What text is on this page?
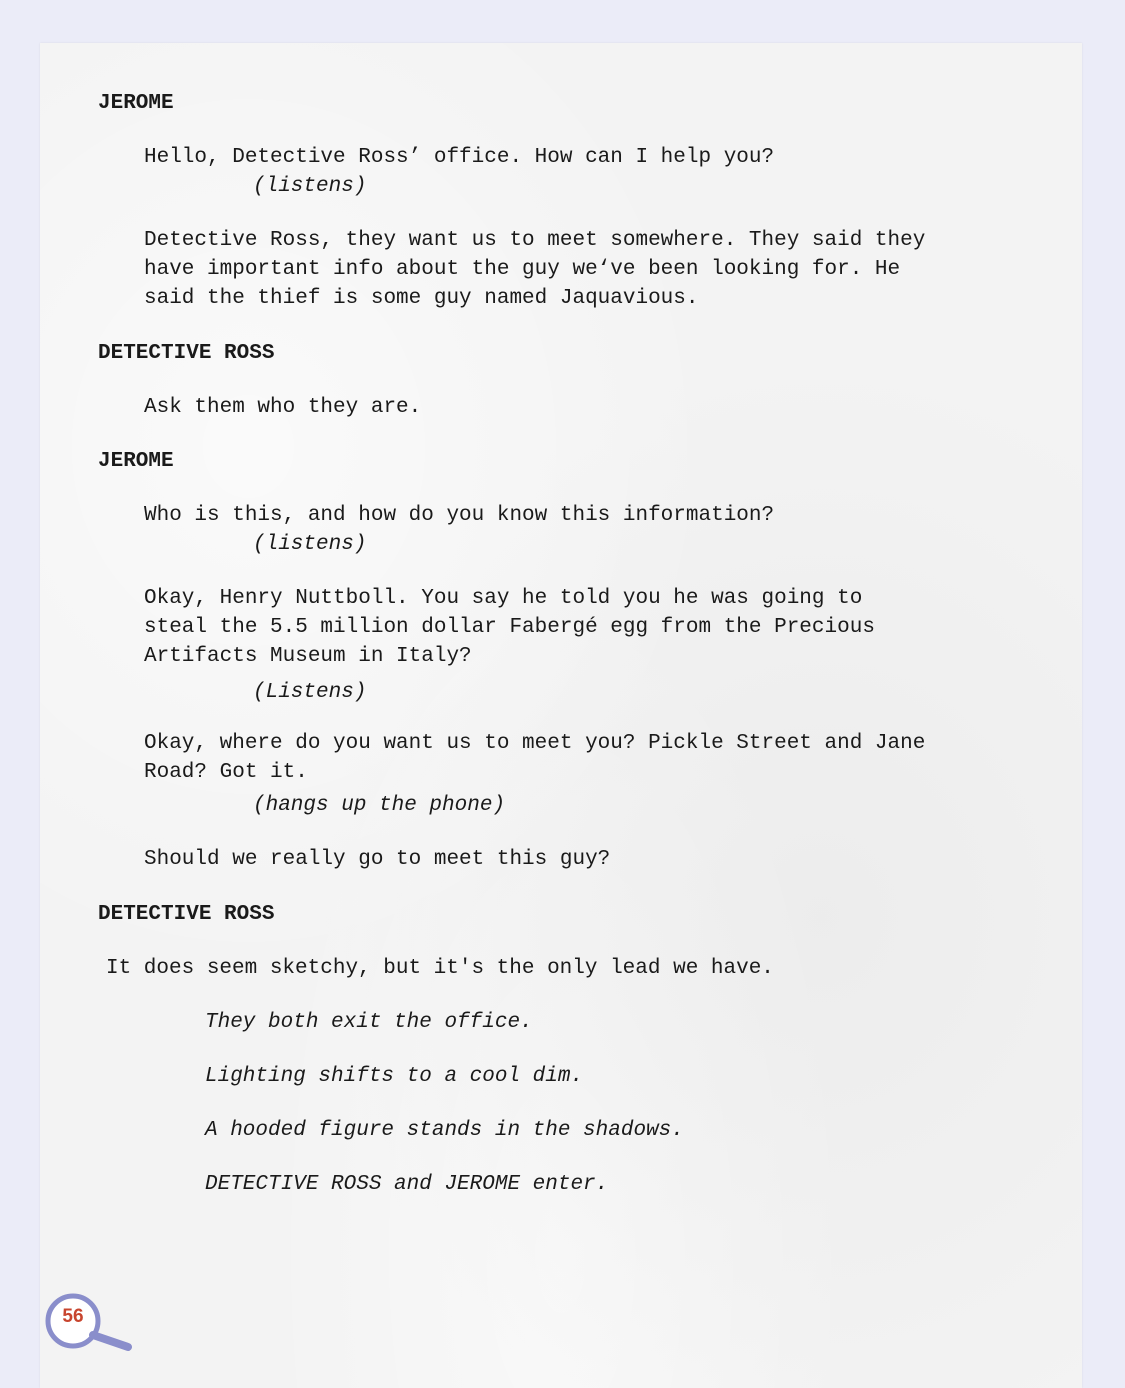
JEROME

Hello, Detective Ross’ office. How can I help you?

(listens)

Detective Ross, they want us to meet somewhere. They said they

have important info about the guy we‘ve been looking for. He

said the thief is some guy named Jaquavious.

DETECTIVE ROSS

Ask them who they are.

JEROME

Who is this, and how do you know this information?

(listens)

Okay, Henry Nuttboll. You say he told you he was going to

steal the 5.5 million dollar Fabergé egg from the Precious

Artifacts Museum in Italy?

(Listens)

Okay, where do you want us to meet you? Pickle Street and Jane

Road? Got it.

(hangs up the phone)

Should we really go to meet this guy?

DETECTIVE ROSS

It does seem sketchy, but it's the only lead we have.

They both exit the office.

Lighting shifts to a cool dim.

A hooded figure stands in the shadows.

DETECTIVE ROSS and JEROME enter.

56
